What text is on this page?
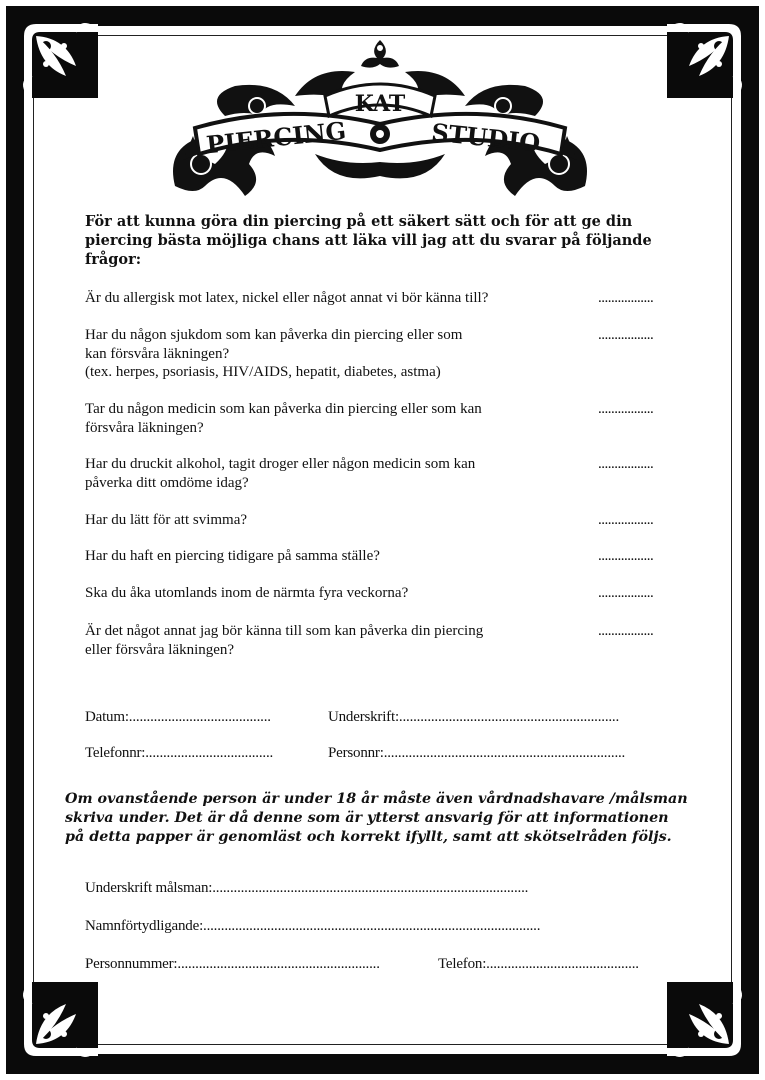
KAT
PIERCING	STUDIO
För att kunna göra din piercing på ett säkert sätt och för att ge din piercing bästa möjliga chans att läka vill jag att du svarar på följande frågor:
Är du allergisk mot latex, nickel eller något annat vi bör känna till?	.................
Har du någon sjukdom som kan påverka din piercing eller som
kan försvåra läkningen?
(tex. herpes, psoriasis, HIV/AIDS, hepatit, diabetes, astma)
.................
Tar du någon medicin som kan påverka din piercing eller som kan
försvåra läkningen?
.................
Har du druckit alkohol, tagit droger eller någon medicin som kan
påverka ditt omdöme idag?
.................
Har du lätt för att svimma?	.................
Har du haft en piercing tidigare på samma ställe?	.................
Ska du åka utomlands inom de närmta fyra veckorna?	.................
Är det något annat jag bör känna till som kan påverka din piercing
eller försvåra läkningen?
.................
Datum:........................................	Underskrift:..............................................................
Telefonnr:....................................	Personnr:....................................................................
Om ovanstående person är under 18 år måste även vårdnadshavare /målsman
skriva under. Det är då denne som är ytterst ansvarig för att informationen
på detta papper är genomläst och korrekt ifyllt, samt att skötselråden följs.
Underskrift målsman:.........................................................................................
Namnförtydligande:...............................................................................................
Personnummer:.........................................................	Telefon:...........................................
